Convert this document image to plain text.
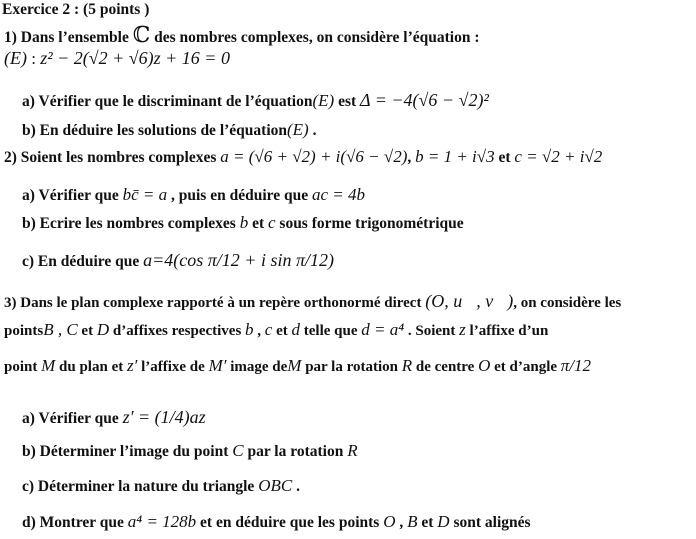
Exercice 2 : (5 points )
1) Dans l’ensemble ℂ des nombres complexes, on considère l’équation :
(E) : z² − 2(√2 + √6)z + 16 = 0
a) Vérifier que le discriminant de l’équation(E) est Δ = −4(√6 − √2)²
b) En déduire les solutions de l’équation(E) .
2) Soient les nombres complexes a = (√6 + √2) + i(√6 − √2), b = 1 + i√3 et c = √2 + i√2
a) Vérifier que bc̄ = a , puis en déduire que ac = 4b
b) Ecrire les nombres complexes b et c sous forme trigonométrique
c) En déduire que a=4(cos π/12 + i sin π/12)
3) Dans le plan complexe rapporté à un repère orthonormé direct (O, u⃗, v⃗), on considère les
pointsB , C et D d’affixes respectives b , c et d telle que d = a⁴ . Soient z l’affixe d’un
point M du plan et z′ l’affixe de M′ image deM par la rotation R de centre O et d’angle π/12
a) Vérifier que z′ = (1/4)az
b) Déterminer l’image du point C par la rotation R
c) Déterminer la nature du triangle OBC .
d) Montrer que a⁴ = 128b et en déduire que les points O , B et D sont alignés
